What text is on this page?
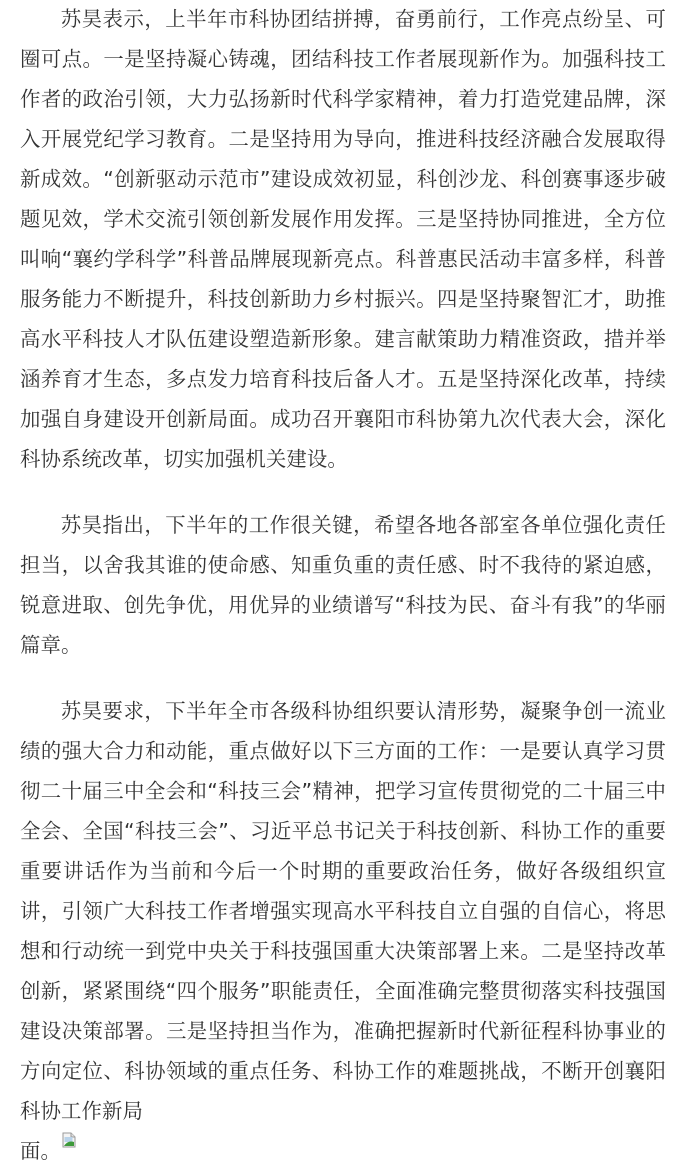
苏昊表示，上半年市科协团结拼搏，奋勇前行，工作亮点纷呈、可圈可点。一是坚持凝心铸魂，团结科技工作者展现新作为。加强科技工作者的政治引领，大力弘扬新时代科学家精神，着力打造党建品牌，深入开展党纪学习教育。二是坚持用为导向，推进科技经济融合发展取得新成效。“创新驱动示范市”建设成效初显，科创沙龙、科创赛事逐步破题见效，学术交流引领创新发展作用发挥。三是坚持协同推进，全方位叫响“襄约学科学”科普品牌展现新亮点。科普惠民活动丰富多样，科普服务能力不断提升，科技创新助力乡村振兴。四是坚持聚智汇才，助推高水平科技人才队伍建设塑造新形象。建言献策助力精准资政，措并举涵养育才生态，多点发力培育科技后备人才。五是坚持深化改革，持续加强自身建设开创新局面。成功召开襄阳市科协第九次代表大会，深化科协系统改革，切实加强机关建设。

苏昊指出，下半年的工作很关键，希望各地各部室各单位强化责任担当，以舍我其谁的使命感、知重负重的责任感、时不我待的紧迫感，锐意进取、创先争优，用优异的业绩谱写“科技为民、奋斗有我”的华丽篇章。

苏昊要求，下半年全市各级科协组织要认清形势，凝聚争创一流业绩的强大合力和动能，重点做好以下三方面的工作：一是要认真学习贯彻二十届三中全会和“科技三会”精神，把学习宣传贯彻党的二十届三中全会、全国“科技三会”、习近平总书记关于科技创新、科协工作的重要重要讲话作为当前和今后一个时期的重要政治任务，做好各级组织宣讲，引领广大科技工作者增强实现高水平科技自立自强的自信心，将思想和行动统一到党中央关于科技强国重大决策部署上来。二是坚持改革创新，紧紧围绕“四个服务”职能责任，全面准确完整贯彻落实科技强国建设决策部署。三是坚持担当作为，准确把握新时代新征程科协事业的方向定位、科协领域的重点任务、科协工作的难题挑战，不断开创襄阳科协工作新局
面。
